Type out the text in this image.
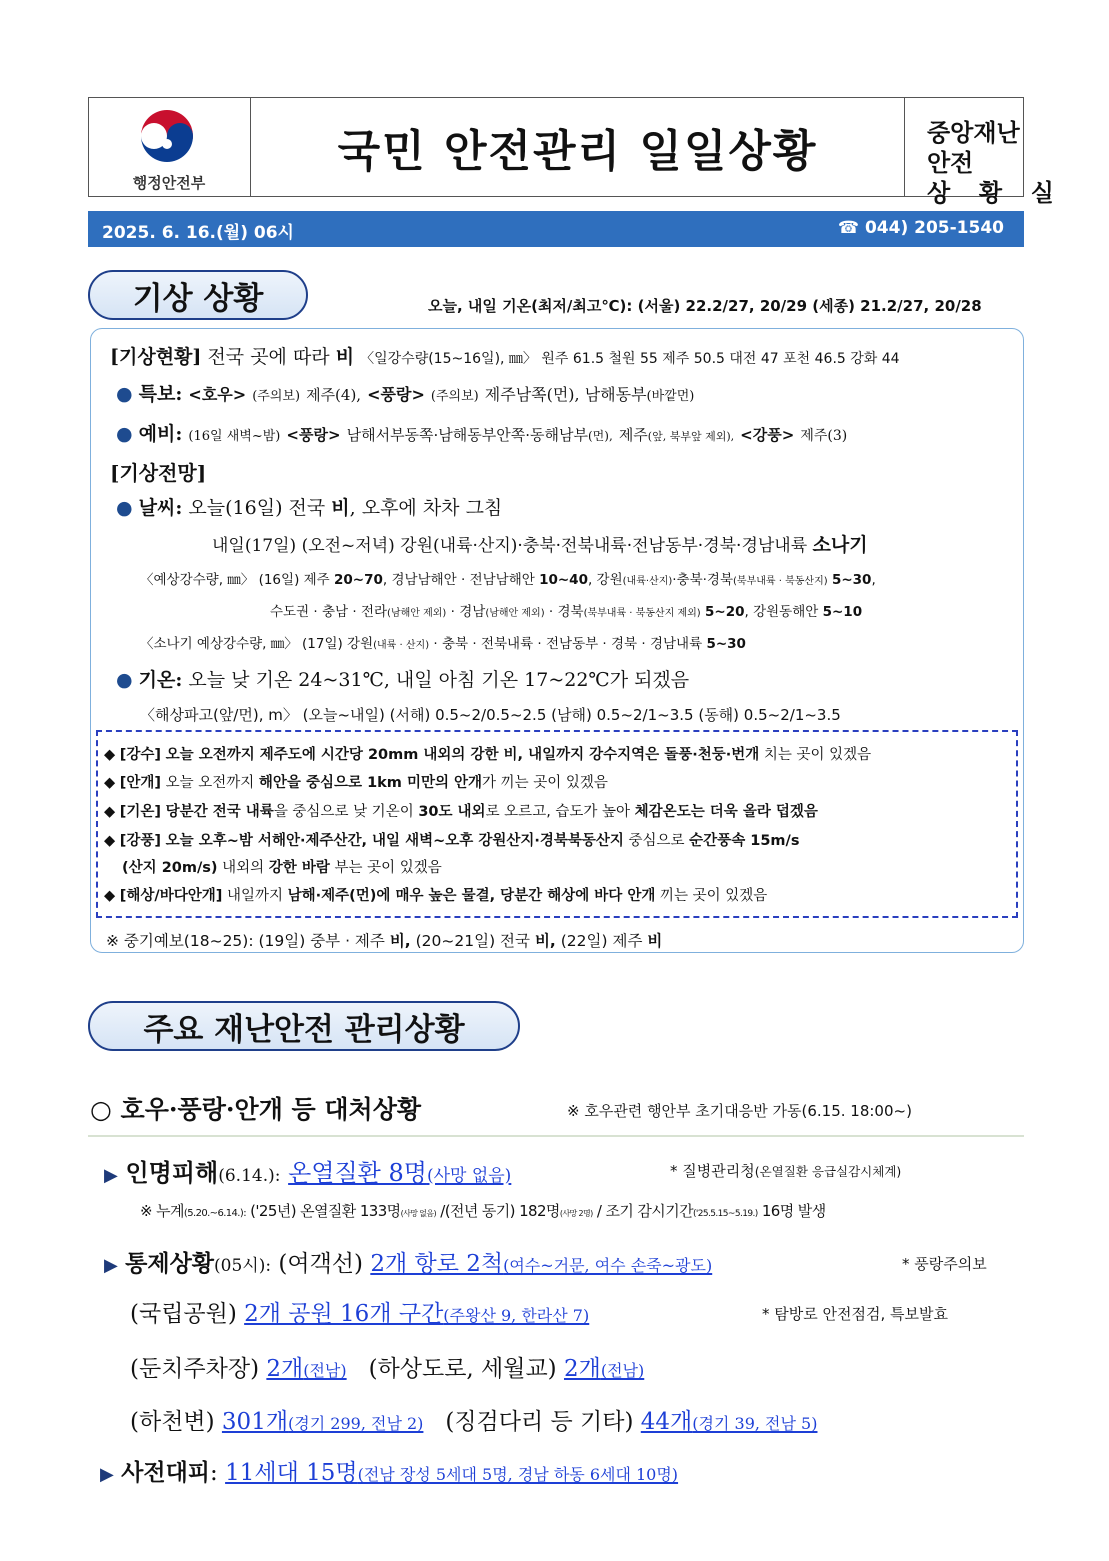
행정안전부
국민 안전관리 일일상황	중앙재난안전
상  황  실
2025. 6. 16.(월) 06시	☎ 044) 205-1540
기상 상황	오늘, 내일 기온(최저/최고℃): (서울) 22.2/27, 20/29 (세종) 21.2/27, 20/28
[기상현황] 전국 곳에 따라 비 〈일강수량(15~16일), ㎜〉 원주 61.5 철원 55 제주 50.5 대전 47 포천 46.5 강화 44
● 특보: <호우> (주의보) 제주(4), <풍랑> (주의보) 제주남쪽(먼), 남해동부(바깥먼)
● 예비: (16일 새벽~밤) <풍랑> 남해서부동쪽·남해동부안쪽·동해남부(먼), 제주(앞, 북부앞 제외), <강풍> 제주(3)
[기상전망]
● 날씨: 오늘(16일) 전국 비, 오후에 차차 그침
내일(17일) (오전~저녁) 강원(내륙·산지)·충북·전북내륙·전남동부·경북·경남내륙 소나기
〈예상강수량, ㎜〉 (16일) 제주 20~70, 경남남해안 · 전남남해안 10~40, 강원(내륙·산지)·충북·경북(북부내륙 · 북동산지) 5~30,
수도권 · 충남 · 전라(남해안 제외) · 경남(남해안 제외) · 경북(북부내륙 · 북동산지 제외) 5~20, 강원동해안 5~10
〈소나기 예상강수량, ㎜〉 (17일) 강원(내륙 · 산지) · 충북 · 전북내륙 · 전남동부 · 경북 · 경남내륙 5~30
● 기온: 오늘 낮 기온 24~31℃, 내일 아침 기온 17~22℃가 되겠음
〈해상파고(앞/먼), m〉 (오늘~내일) (서해) 0.5~2/0.5~2.5 (남해) 0.5~2/1~3.5 (동해) 0.5~2/1~3.5
◆ [강수] 오늘 오전까지 제주도에 시간당 20mm 내외의 강한 비, 내일까지 강수지역은 돌풍·천둥·번개 치는 곳이 있겠음
◆ [안개] 오늘 오전까지 해안을 중심으로 1km 미만의 안개가 끼는 곳이 있겠음
◆ [기온] 당분간 전국 내륙을 중심으로 낮 기온이 30도 내외로 오르고, 습도가 높아 체감온도는 더욱 올라 덥겠음
◆ [강풍] 오늘 오후~밤 서해안·제주산간, 내일 새벽~오후 강원산지·경북북동산지 중심으로 순간풍속 15m/s
(산지 20m/s) 내외의 강한 바람 부는 곳이 있겠음
◆ [해상/바다안개] 내일까지 남해·제주(먼)에 매우 높은 물결, 당분간 해상에 바다 안개 끼는 곳이 있겠음
※ 중기예보(18~25): (19일) 중부 · 제주 비, (20~21일) 전국 비, (22일) 제주 비
주요 재난안전 관리상황
○ 호우·풍랑·안개 등 대처상황	※ 호우관련 행안부 초기대응반 가동(6.15. 18:00~)
▶ 인명피해(6.14.): 온열질환 8명(사망 없음)	* 질병관리청(온열질환 응급실감시체계)
※ 누계(5.20.~6.14.): ('25년) 온열질환 133명(사망 없음) /(전년 동기) 182명(사망 2명) / 조기 감시기간('25.5.15~5.19.) 16명 발생
▶ 통제상황(05시): (여객선) 2개 항로 2척(여수~거문, 여수 손죽~광도)	* 풍랑주의보
(국립공원) 2개 공원 16개 구간(주왕산 9, 한라산 7)	* 탐방로 안전점검, 특보발효
(둔치주차장) 2개(전남) (하상도로, 세월교) 2개(전남)
(하천변) 301개(경기 299, 전남 2) (징검다리 등 기타) 44개(경기 39, 전남 5)
▶ 사전대피: 11세대 15명(전남 장성 5세대 5명, 경남 하동 6세대 10명)
